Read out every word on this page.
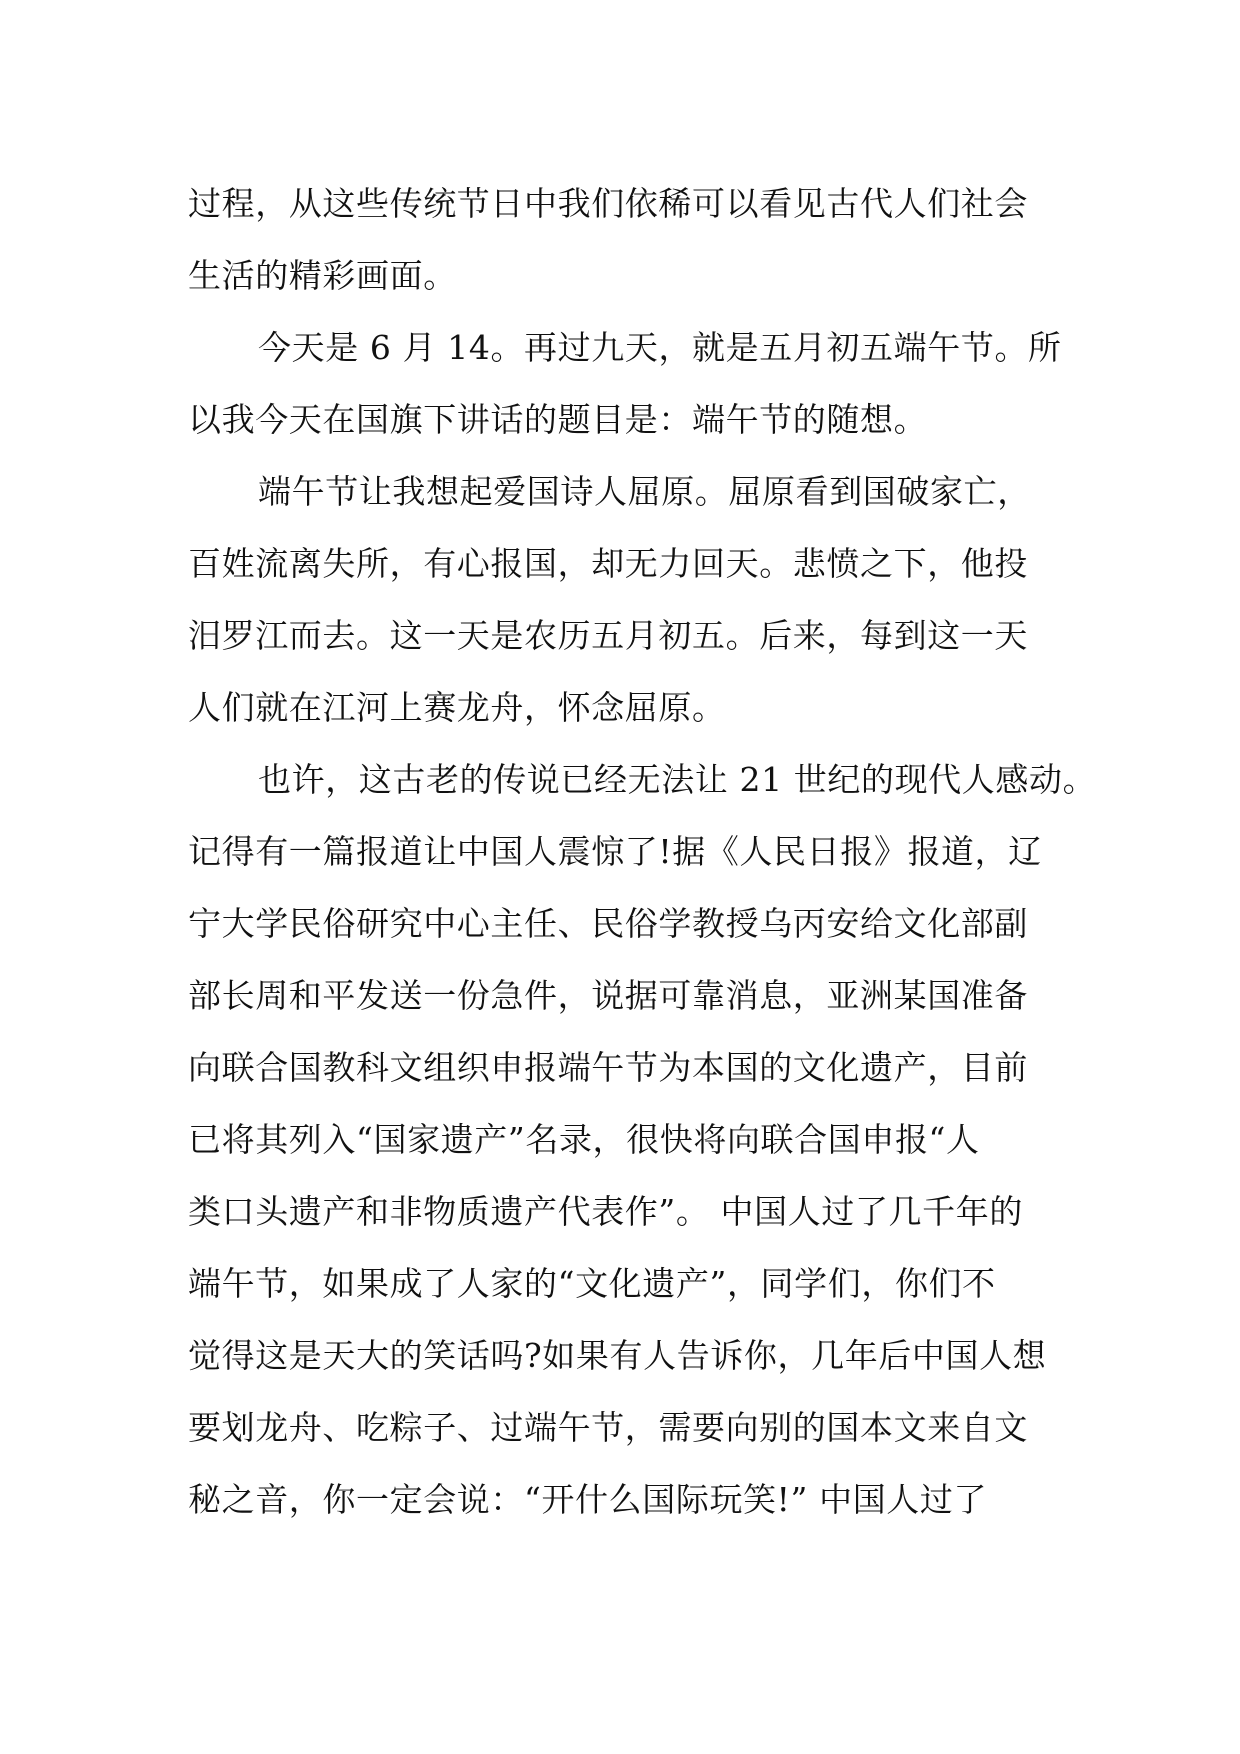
过程，从这些传统节日中我们依稀可以看见古代人们社会
生活的精彩画面。
今天是 6 月 14。再过九天，就是五月初五端午节。所
以我今天在国旗下讲话的题目是：端午节的随想。
端午节让我想起爱国诗人屈原。屈原看到国破家亡，
百姓流离失所，有心报国，却无力回天。悲愤之下，他投
汨罗江而去。这一天是农历五月初五。后来，每到这一天
人们就在江河上赛龙舟，怀念屈原。
也许，这古老的传说已经无法让 21 世纪的现代人感动。
记得有一篇报道让中国人震惊了!据《人民日报》报道，辽
宁大学民俗研究中心主任、民俗学教授乌丙安给文化部副
部长周和平发送一份急件，说据可靠消息，亚洲某国准备
向联合国教科文组织申报端午节为本国的文化遗产，目前
已将其列入“国家遗产”名录，很快将向联合国申报“人
类口头遗产和非物质遗产代表作”。 中国人过了几千年的
端午节，如果成了人家的“文化遗产”，同学们，你们不
觉得这是天大的笑话吗?如果有人告诉你，几年后中国人想
要划龙舟、吃粽子、过端午节，需要向别的国本文来自文
秘之音，你一定会说：“开什么国际玩笑!” 中国人过了
